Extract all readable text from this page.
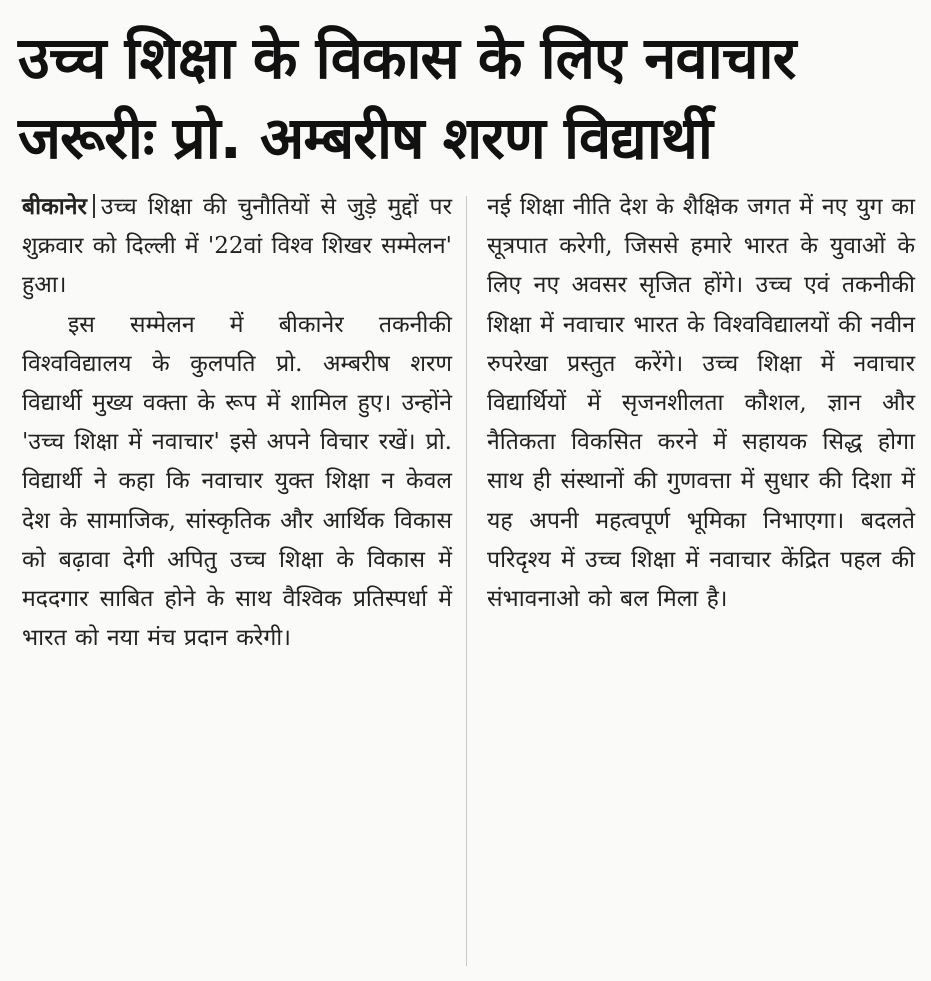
उच्च शिक्षा के विकास के लिए नवाचार
जरूरीः प्रो. अम्बरीष शरण विद्यार्थी

बीकानेर उच्च शिक्षा की चुनौतियों से जुड़े मुद्दों पर शुक्रवार को दिल्ली में '22वां विश्व शिखर सम्मेलन' हुआ।

इस सम्मेलन में बीकानेर तकनीकी विश्वविद्यालय के कुलपति प्रो. अम्बरीष शरण विद्यार्थी मुख्य वक्ता के रूप में शामिल हुए। उन्होंने 'उच्च शिक्षा में नवाचार' इसे अपने विचार रखें। प्रो. विद्यार्थी ने कहा कि नवाचार युक्त शिक्षा न केवल देश के सामाजिक, सांस्कृतिक और आर्थिक विकास को बढ़ावा देगी अपितु उच्च शिक्षा के विकास में मददगार साबित होने के साथ वैश्विक प्रतिस्पर्धा में भारत को नया मंच प्रदान करेगी।

नई शिक्षा नीति देश के शैक्षिक जगत में नए युग का सूत्रपात करेगी, जिससे हमारे भारत के युवाओं के लिए नए अवसर सृजित होंगे। उच्च एवं तकनीकी शिक्षा में नवाचार भारत के विश्वविद्यालयों की नवीन रुपरेखा प्रस्तुत करेंगे। उच्च शिक्षा में नवाचार विद्यार्थियों में सृजनशीलता कौशल, ज्ञान और नैतिकता विकसित करने में सहायक सिद्ध होगा साथ ही संस्थानों की गुणवत्ता में सुधार की दिशा में यह अपनी महत्वपूर्ण भूमिका निभाएगा। बदलते परिदृश्य में उच्च शिक्षा में नवाचार केंद्रित पहल की संभावनाओ को बल मिला है।
